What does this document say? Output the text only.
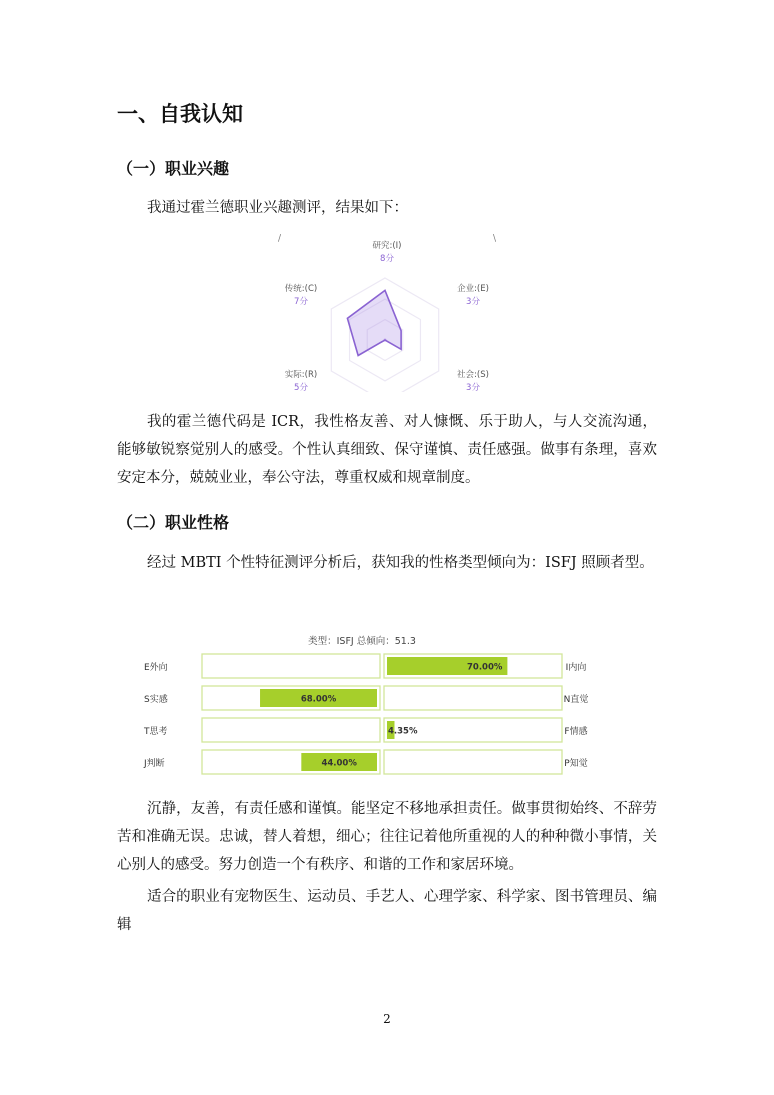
一、自我认知
（一）职业兴趣

我通过霍兰德职业兴趣测评，结果如下：

研究:(I)
8分
企业:(E)
3分
社会:(S)
3分
实际:(R)
5分
传统:(C)
7分
/	\

我的霍兰德代码是 ICR，我性格友善、对人慷慨、乐于助人，与人交流沟通，能够敏锐察觉别人的感受。个性认真细致、保守谨慎、责任感强。做事有条理，喜欢安定本分，兢兢业业，奉公守法，尊重权威和规章制度。

（二）职业性格

经过 MBTI 个性特征测评分析后，获知我的性格类型倾向为：ISFJ 照顾者型。

类型：ISFJ 总倾向：51.3
E外向	70.00%	I内向
S实感	68.00%	N直觉
T思考	4.35%	F情感
J判断	44.00%	P知觉

沉静，友善，有责任感和谨慎。能坚定不移地承担责任。做事贯彻始终、不辞劳苦和准确无误。忠诚，替人着想，细心；往往记着他所重视的人的种种微小事情，关心别人的感受。努力创造一个有秩序、和谐的工作和家居环境。

适合的职业有宠物医生、运动员、手艺人、心理学家、科学家、图书管理员、编辑

2
